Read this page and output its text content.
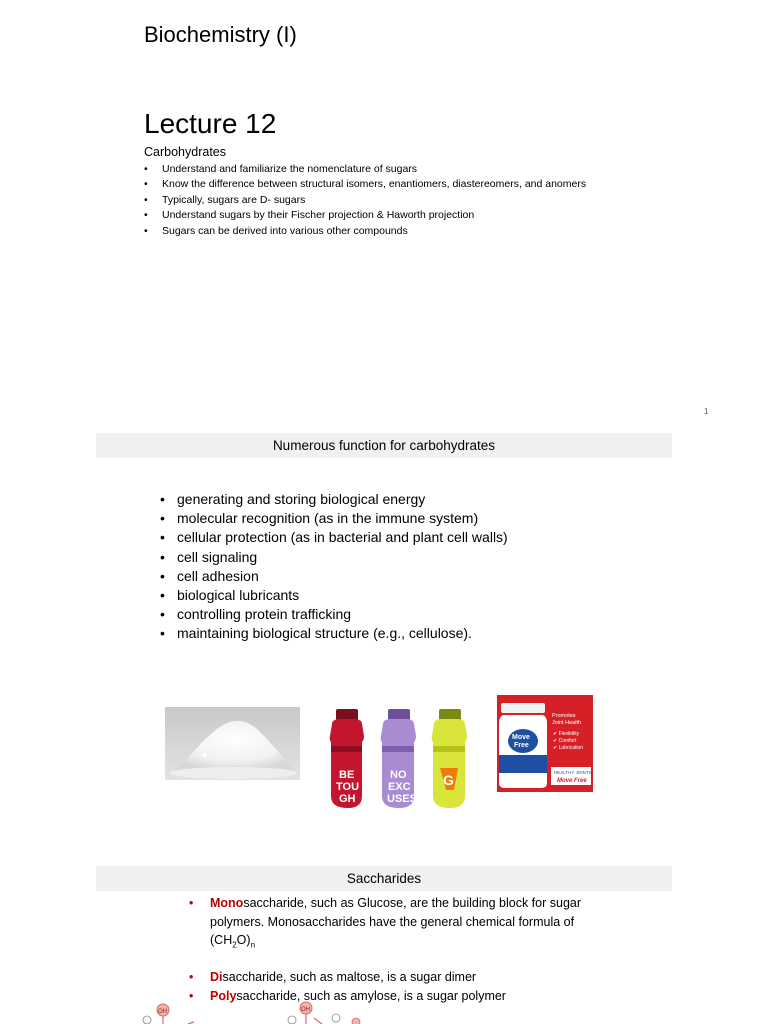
Biochemistry (I)
Lecture 12
Carbohydrates
• Understand and familiarize the nomenclature of sugars
• Know the difference between structural isomers, enantiomers, diastereomers, and anomers
• Typically, sugars are D- sugars
• Understand sugars by their Fischer projection & Haworth projection
• Sugars can be derived into various other compounds
1
Numerous function for carbohydrates
• generating and storing biological energy
• molecular recognition (as in the immune system)
• cellular protection (as in bacterial and plant cell walls)
• cell signaling
• cell adhesion
• biological lubricants
• controlling protein trafficking
• maintaining biological structure (e.g., cellulose).
BE
TOU
GH
NO
EXC
USES
G
Move
Free
Promotes
Joint Health
✔ Flexibility
✔ Comfort
✔ Lubrication
HEALTHY JOINTS
Move Free
Saccharides
• Monosaccharide, such as Glucose, are the building block for sugar polymers. Monosaccharides have the general chemical formula of $(CH_2O)_n$
• Disaccharide, such as maltose, is a sugar dimer
• Polysaccharide, such as amylose, is a sugar polymer
OH	OH
